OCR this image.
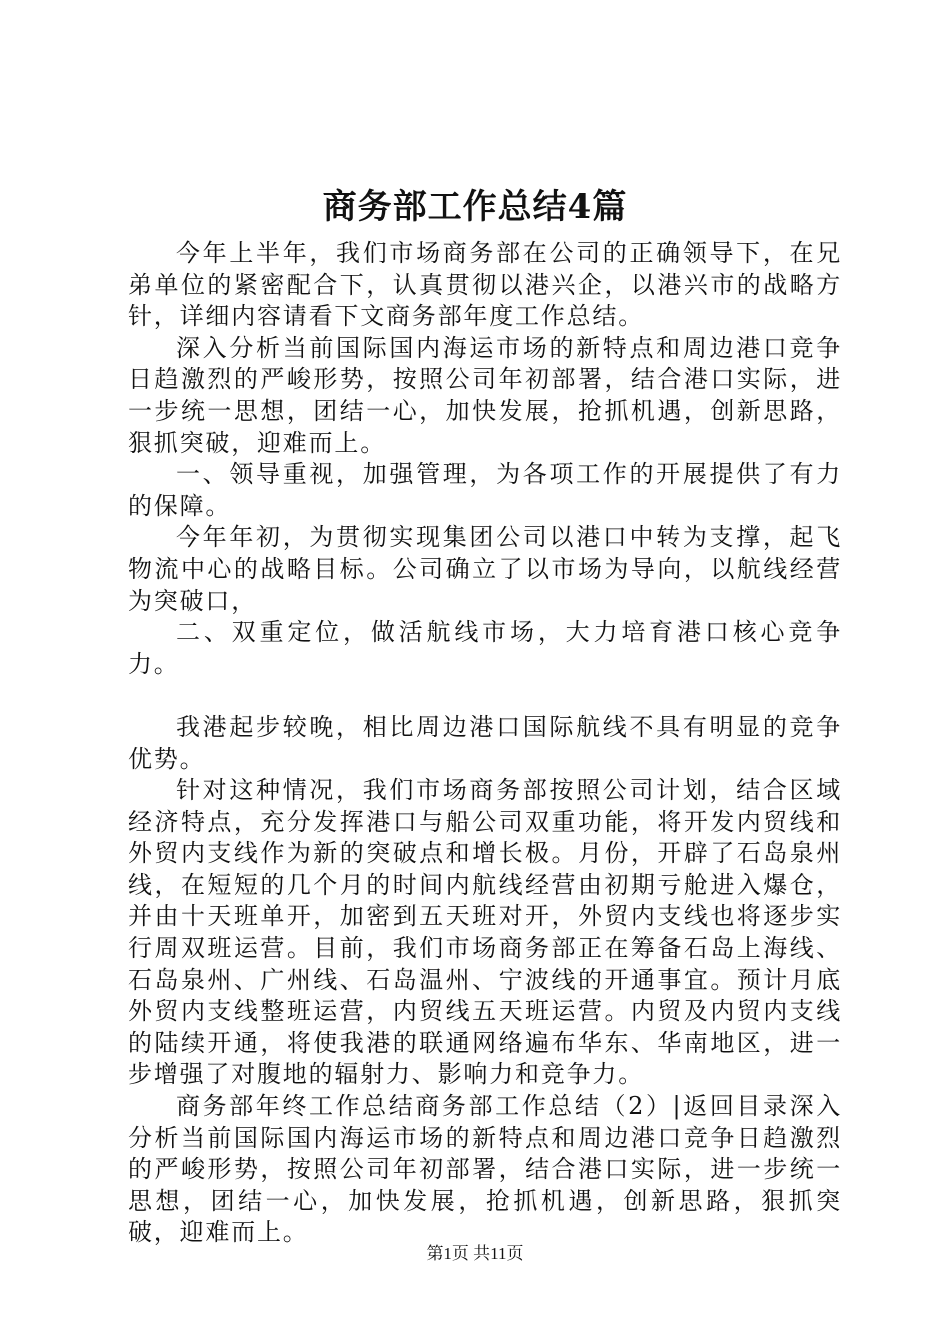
商务部工作总结4篇

今年上半年，我们市场商务部在公司的正确领导下，在兄弟单位的紧密配合下，认真贯彻以港兴企，以港兴市的战略方针，详细内容请看下文商务部年度工作总结。

深入分析当前国际国内海运市场的新特点和周边港口竞争日趋激烈的严峻形势，按照公司年初部署，结合港口实际，进一步统一思想，团结一心，加快发展，抢抓机遇，创新思路，狠抓突破，迎难而上。

一、领导重视，加强管理，为各项工作的开展提供了有力的保障。

今年年初，为贯彻实现集团公司以港口中转为支撑，起飞物流中心的战略目标。公司确立了以市场为导向，以航线经营为突破口，

二、双重定位，做活航线市场，大力培育港口核心竞争力。

我港起步较晚，相比周边港口国际航线不具有明显的竞争优势。

针对这种情况，我们市场商务部按照公司计划，结合区域经济特点，充分发挥港口与船公司双重功能，将开发内贸线和外贸内支线作为新的突破点和增长极。月份，开辟了石岛泉州线，在短短的几个月的时间内航线经营由初期亏舱进入爆仓，并由十天班单开，加密到五天班对开，外贸内支线也将逐步实行周双班运营。目前，我们市场商务部正在筹备石岛上海线、石岛泉州、广州线、石岛温州、宁波线的开通事宜。预计月底外贸内支线整班运营，内贸线五天班运营。内贸及内贸内支线的陆续开通，将使我港的联通网络遍布华东、华南地区，进一步增强了对腹地的辐射力、影响力和竞争力。

商务部年终工作总结商务部工作总结（2）|返回目录深入分析当前国际国内海运市场的新特点和周边港口竞争日趋激烈的严峻形势，按照公司年初部署，结合港口实际，进一步统一思想，团结一心，加快发展，抢抓机遇，创新思路，狠抓突破，迎难而上。

第1页 共11页
